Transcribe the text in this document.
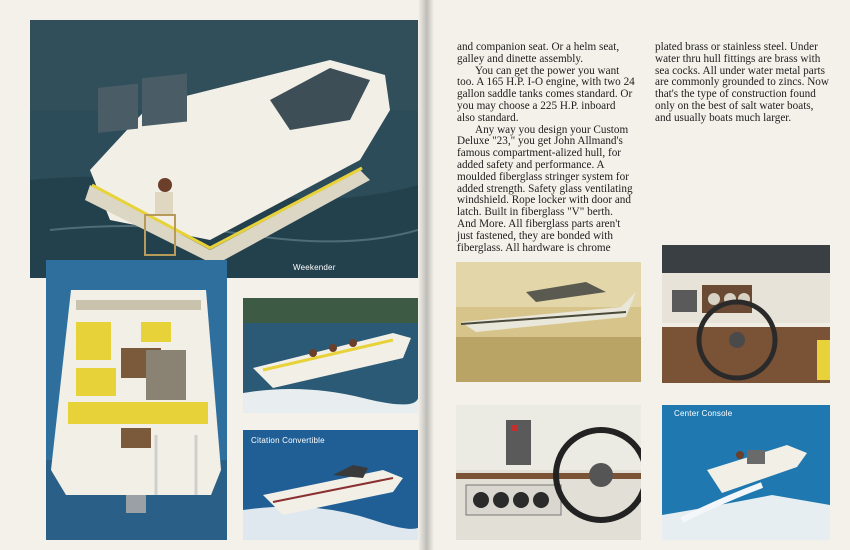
Weekender
Citation Convertible

and companion seat. Or a helm seat, galley and dinette assembly.

You can get the power you want too. A 165 H.P. I-O engine, with two 24 gallon saddle tanks comes standard. Or you may choose a 225 H.P. inboard also standard.

Any way you design your Custom Deluxe "23," you get John Allmand's famous compartment-alized hull, for added safety and performance. A moulded fiberglass stringer system for added strength. Safety glass ventilating windshield. Rope locker with door and latch. Built in fiberglass "V" berth.

And More. All fiberglass parts aren't just fastened, they are bonded with fiberglass. All hardware is chrome

plated brass or stainless steel. Under water thru hull fittings are brass with sea cocks. All under water metal parts are commonly grounded to zincs. Now that's the type of construction found only on the best of salt water boats, and usually boats much larger.

Center Console
